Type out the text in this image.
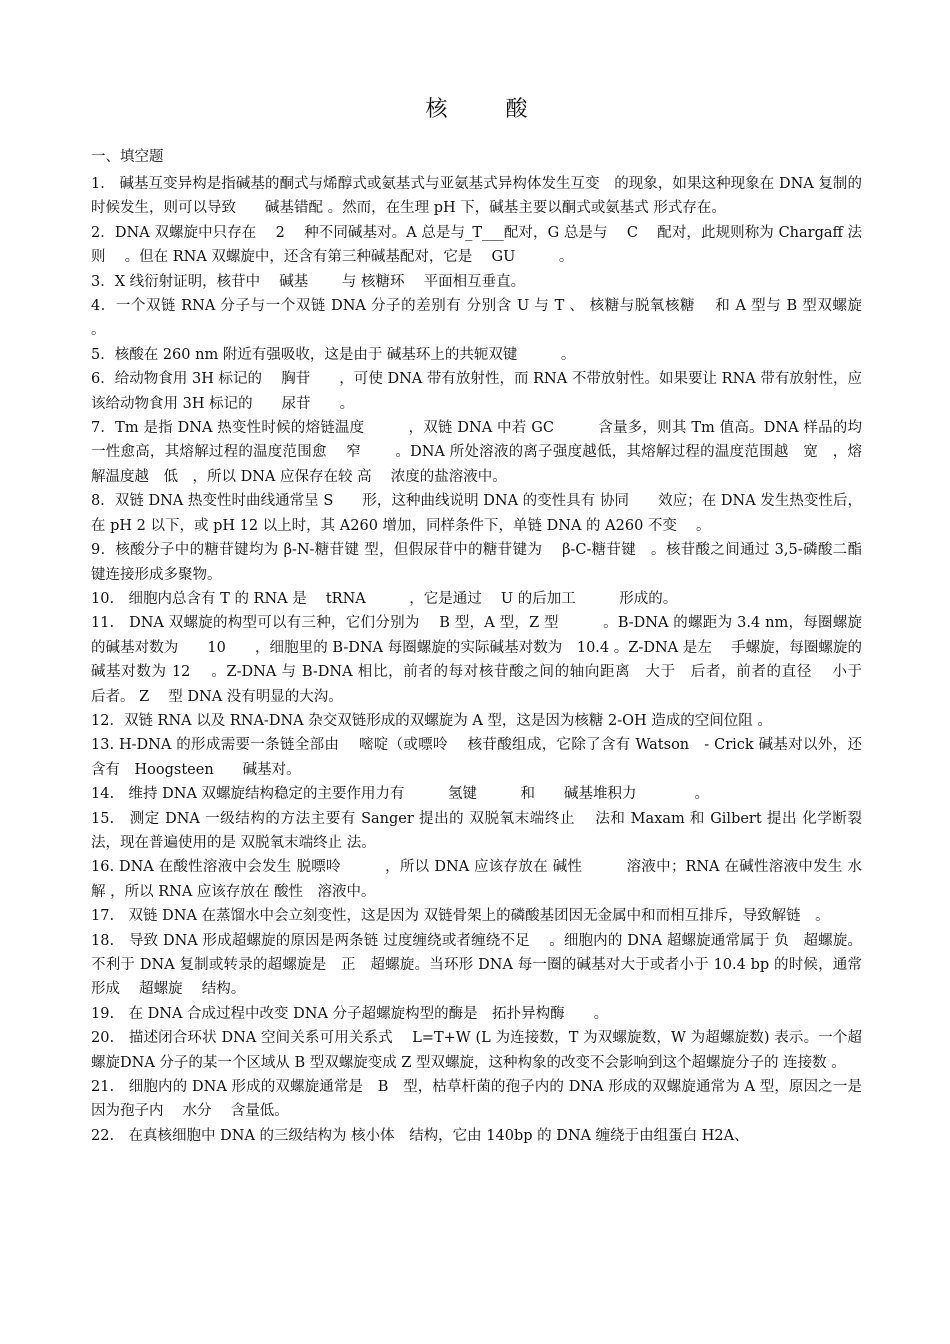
核　酸

一、填空题

1.　碱基互变异构是指碱基的酮式与烯醇式或氨基式与亚氨基式异构体发生互变　的现象，如果这种现象在 DNA 复制的时候发生，则可以导致　　碱基错配 。然而，在生理 pH 下，碱基主要以酮式或氨基式 形式存在。

2．DNA 双螺旋中只存在　 2　 种不同碱基对。A 总是与_T___配对，G 总是与　 C　 配对，此规则称为 Chargaff 法则　 。但在 RNA 双螺旋中，还含有第三种碱基配对，它是　 GU　　　。

3．X 线衍射证明，核苷中　 碱基　　 与 核糖环　 平面相互垂直。

4．一个双链 RNA 分子与一个双链 DNA 分子的差别有 分别含 U 与 T 、 核糖与脱氧核糖　 和 A 型与 B 型双螺旋　 。

5．核酸在 260 nm 附近有强吸收，这是由于 碱基环上的共轭双键　　　。

6．给动物食用 3H 标记的　 胸苷　　，可使 DNA 带有放射性，而 RNA 不带放射性。如果要让 RNA 带有放射性，应该给动物食用 3H 标记的　　尿苷　　。

7．Tm 是指 DNA 热变性时候的熔链温度　　　，双链 DNA 中若 GC　　　含量多，则其 Tm 值高。DNA 样品的均一性愈高，其熔解过程的温度范围愈　 窄　　 。DNA 所处溶液的离子强度越低，其熔解过程的温度范围越　宽　，熔解温度越　低　，所以 DNA 应保存在较 高　 浓度的盐溶液中。

8．双链 DNA 热变性时曲线通常呈 S　　形，这种曲线说明 DNA 的变性具有 协同　　效应；在 DNA 发生热变性后，在 pH 2 以下，或 pH 12 以上时，其 A260 增加，同样条件下，单链 DNA 的 A260 不变　 。

9．核酸分子中的糖苷键均为 β-N-糖苷键 型，但假尿苷中的糖苷键为　 β-C-糖苷键　。核苷酸之间通过 3,5-磷酸二酯　 键连接形成多聚物。

10.　细胞内总含有 T 的 RNA 是　 tRNA　　　，它是通过　 U 的后加工　　　形成的。

11.　DNA 双螺旋的构型可以有三种，它们分别为　 B 型，A 型，Z 型　　　。B-DNA 的螺距为 3.4 nm，每圈螺旋的碱基对数为　　10　　，细胞里的 B-DNA 每圈螺旋的实际碱基对数为　10.4 。Z-DNA 是左　 手螺旋，每圈螺旋的碱基对数为 12　 。Z-DNA 与 B-DNA 相比，前者的每对核苷酸之间的轴向距离　大于　后者，前者的直径　 小于　 后者。 Z　 型 DNA 没有明显的大沟。

12．双链 RNA 以及 RNA-DNA 杂交双链形成的双螺旋为 A 型，这是因为核糖 2-OH 造成的空间位阻 。

13. H-DNA 的形成需要一条链全部由　 嘧啶（或嘌呤　 核苷酸组成，它除了含有 Watson　- Crick 碱基对以外，还含有　Hoogsteen　　碱基对。

14.　维持 DNA 双螺旋结构稳定的主要作用力有　　　氢键　　　和　　碱基堆积力　　　　。

15.　测定 DNA 一级结构的方法主要有 Sanger 提出的 双脱氧末端终止　 法和 Maxam 和 Gilbert 提出 化学断裂　 法，现在普遍使用的是 双脱氧末端终止 法。

16. DNA 在酸性溶液中会发生 脱嘌呤　　　，所以 DNA 应该存放在 碱性　　　溶液中；RNA 在碱性溶液中发生 水解 ，所以 RNA 应该存放在 酸性　溶液中。

17.　双链 DNA 在蒸馏水中会立刻变性，这是因为 双链骨架上的磷酸基团因无金属中和而相互排斥，导致解链　。

18.　导致 DNA 形成超螺旋的原因是两条链 过度缠绕或者缠绕不足　 。细胞内的 DNA 超螺旋通常属于 负　超螺旋。不利于 DNA 复制或转录的超螺旋是　正　超螺旋。当环形 DNA 每一圈的碱基对大于或者小于 10.4 bp 的时候，通常形成　 超螺旋　 结构。

19.　在 DNA 合成过程中改变 DNA 分子超螺旋构型的酶是　拓扑异构酶　　。

20.　描述闭合环状 DNA 空间关系可用关系式　 L=T+W (L 为连接数，T 为双螺旋数，W 为超螺旋数) 表示。一个超螺旋DNA 分子的某一个区域从 B 型双螺旋变成 Z 型双螺旋，这种构象的改变不会影响到这个超螺旋分子的 连接数 。

21.　细胞内的 DNA 形成的双螺旋通常是　B　型，枯草杆菌的孢子内的 DNA 形成的双螺旋通常为 A 型，原因之一是因为孢子内　 水分　 含量低。

22.　在真核细胞中 DNA 的三级结构为 核小体　结构，它由 140bp 的 DNA 缠绕于由组蛋白 H2A、
